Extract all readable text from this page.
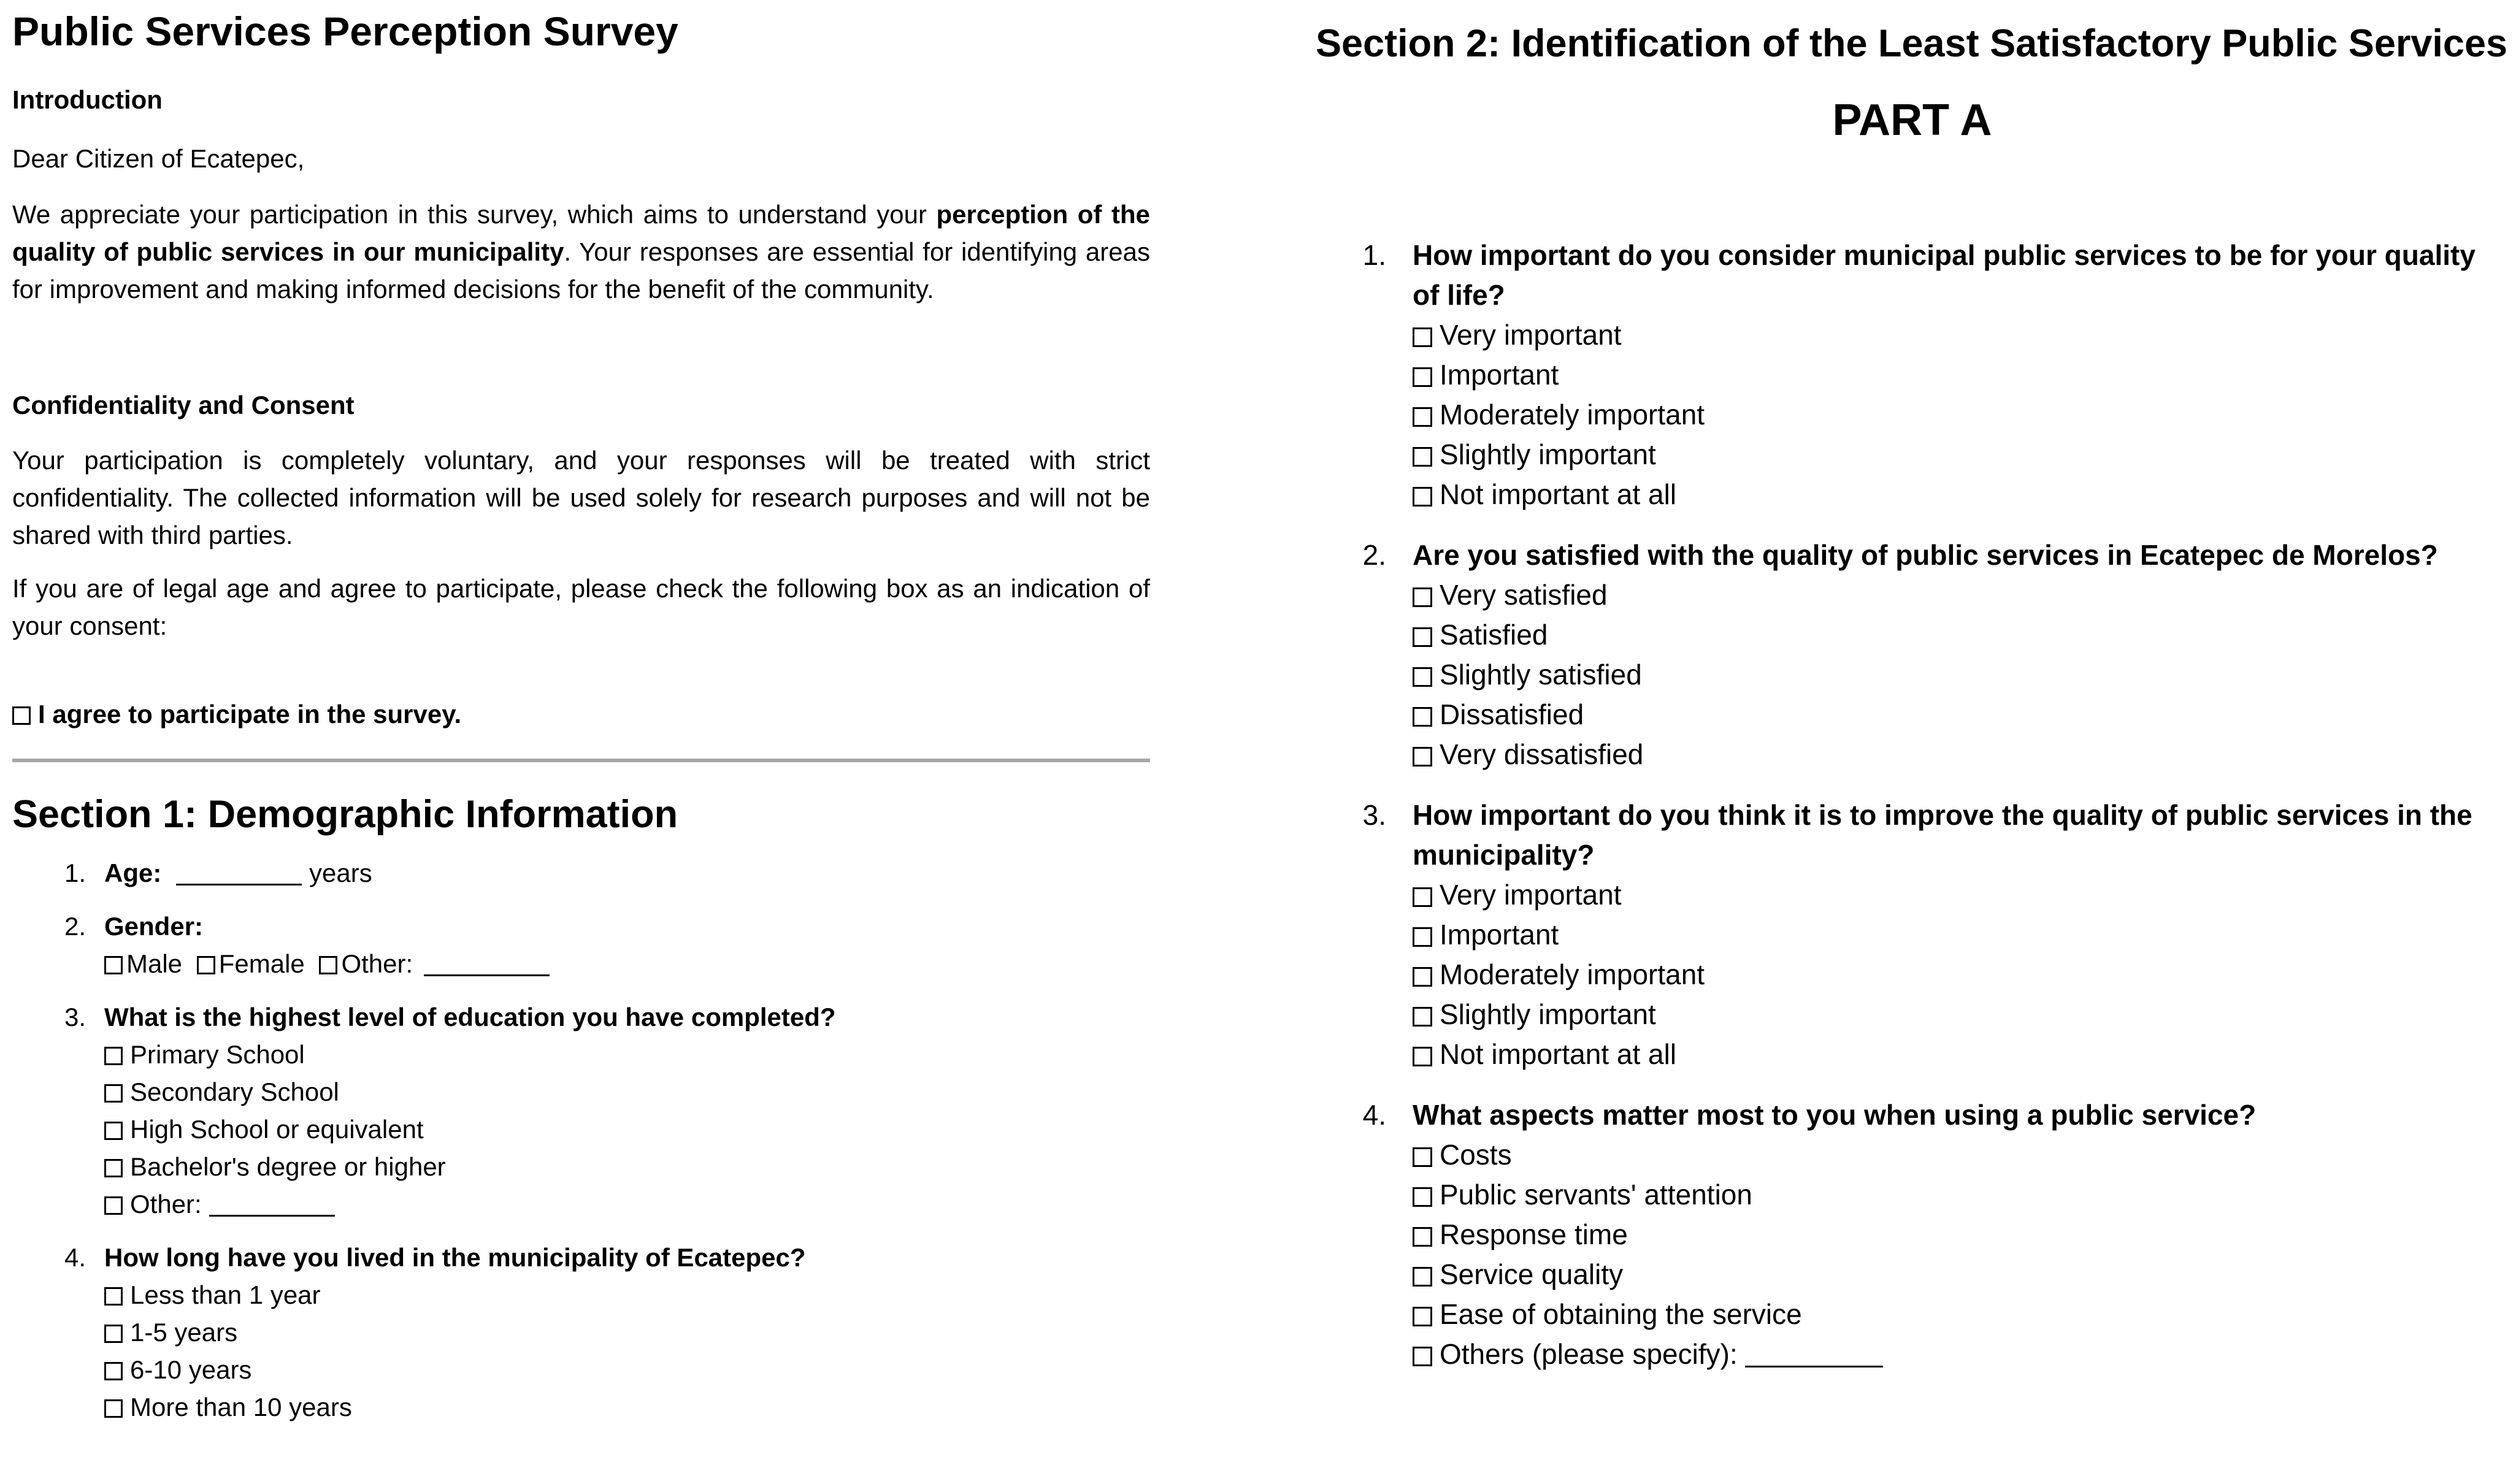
Public Services Perception Survey
Introduction

Dear Citizen of Ecatepec,

We appreciate your participation in this survey, which aims to understand your perception of the quality of public services in our municipality. Your responses are essential for identifying areas for improvement and making informed decisions for the benefit of the community.

Confidentiality and Consent

Your participation is completely voluntary, and your responses will be treated with strict confidentiality. The collected information will be used solely for research purposes and will not be shared with third parties.

If you are of legal age and agree to participate, please check the following box as an indication of your consent:

I agree to participate in the survey.
Section 1: Demographic Information
1. Age:	years
2. Gender:
Male Female Other:
3. What is the highest level of education you have completed?
Primary School
Secondary School
High School or equivalent
Bachelor's degree or higher
Other:
4. How long have you lived in the municipality of Ecatepec?
Less than 1 year
1-5 years
6-10 years
More than 10 years
Section 2: Identification of the Least Satisfactory Public Services
PART A
1. How important do you consider municipal public services to be for your quality of life?
Very important
Important
Moderately important
Slightly important
Not important at all
2. Are you satisfied with the quality of public services in Ecatepec de Morelos?
Very satisfied
Satisfied
Slightly satisfied
Dissatisfied
Very dissatisfied
3. How important do you think it is to improve the quality of public services in the municipality?
Very important
Important
Moderately important
Slightly important
Not important at all
4. What aspects matter most to you when using a public service?
Costs
Public servants' attention
Response time
Service quality
Ease of obtaining the service
Others (please specify):
